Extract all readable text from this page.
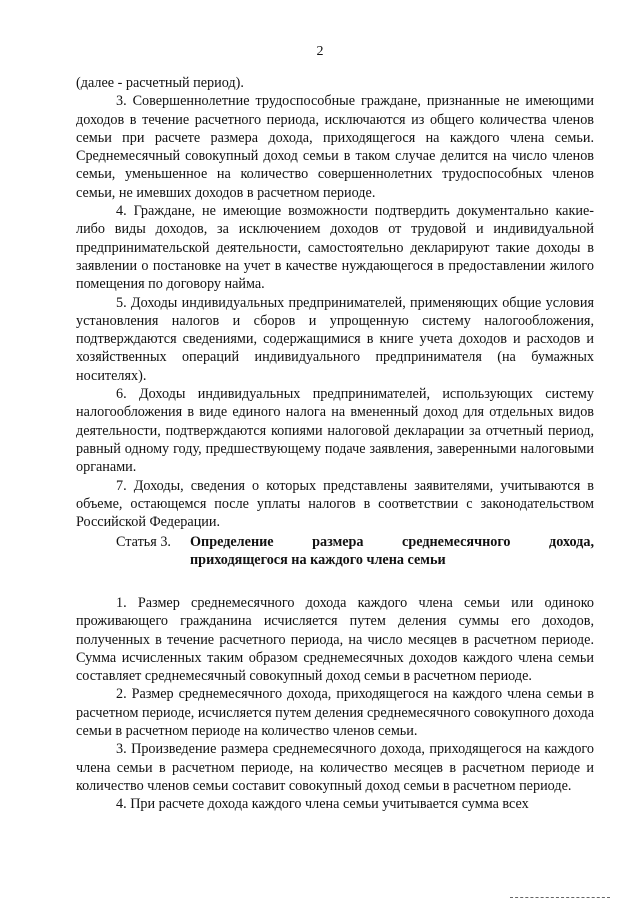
2

(далее - расчетный период).

3. Совершеннолетние трудоспособные граждане, признанные не имеющими доходов в течение расчетного периода, исключаются из общего количества членов семьи при расчете размера дохода, приходящегося на каждого члена семьи. Среднемесячный совокупный доход семьи в таком случае делится на число членов семьи, уменьшенное на количество совершеннолетних трудоспособных членов семьи, не имевших доходов в расчетном периоде.

4. Граждане, не имеющие возможности подтвердить документально какие-либо виды доходов, за исключением доходов от трудовой и индивидуальной предпринимательской деятельности, самостоятельно декларируют такие доходы в заявлении о постановке на учет в качестве нуждающегося в предоставлении жилого помещения по договору найма.

5. Доходы индивидуальных предпринимателей, применяющих общие условия установления налогов и сборов и упрощенную систему налогообложения, подтверждаются сведениями, содержащимися в книге учета доходов и расходов и хозяйственных операций индивидуального предпринимателя (на бумажных носителях).

6. Доходы индивидуальных предпринимателей, использующих систему налогообложения в виде единого налога на вмененный доход для отдельных видов деятельности, подтверждаются копиями налоговой декларации за отчетный период, равный одному году, предшествующему подаче заявления, заверенными налоговыми органами.

7. Доходы, сведения о которых представлены заявителями, учитываются в объеме, остающемся после уплаты налогов в соответствии с законодательством Российской Федерации.

Статья 3. Определение размера среднемесячного дохода,
приходящегося на каждого члена семьи

1. Размер среднемесячного дохода каждого члена семьи или одиноко проживающего гражданина исчисляется путем деления суммы его доходов, полученных в течение расчетного периода, на число месяцев в расчетном периоде. Сумма исчисленных таким образом среднемесячных доходов каждого члена семьи составляет среднемесячный совокупный доход семьи в расчетном периоде.

2. Размер среднемесячного дохода, приходящегося на каждого члена семьи в расчетном периоде, исчисляется путем деления среднемесячного совокупного дохода семьи в расчетном периоде на количество членов семьи.

3. Произведение размера среднемесячного дохода, приходящегося на каждого члена семьи в расчетном периоде, на количество месяцев в расчетном периоде и количество членов семьи составит совокупный доход семьи в расчетном периоде.

4. При расчете дохода каждого члена семьи учитывается сумма всех
